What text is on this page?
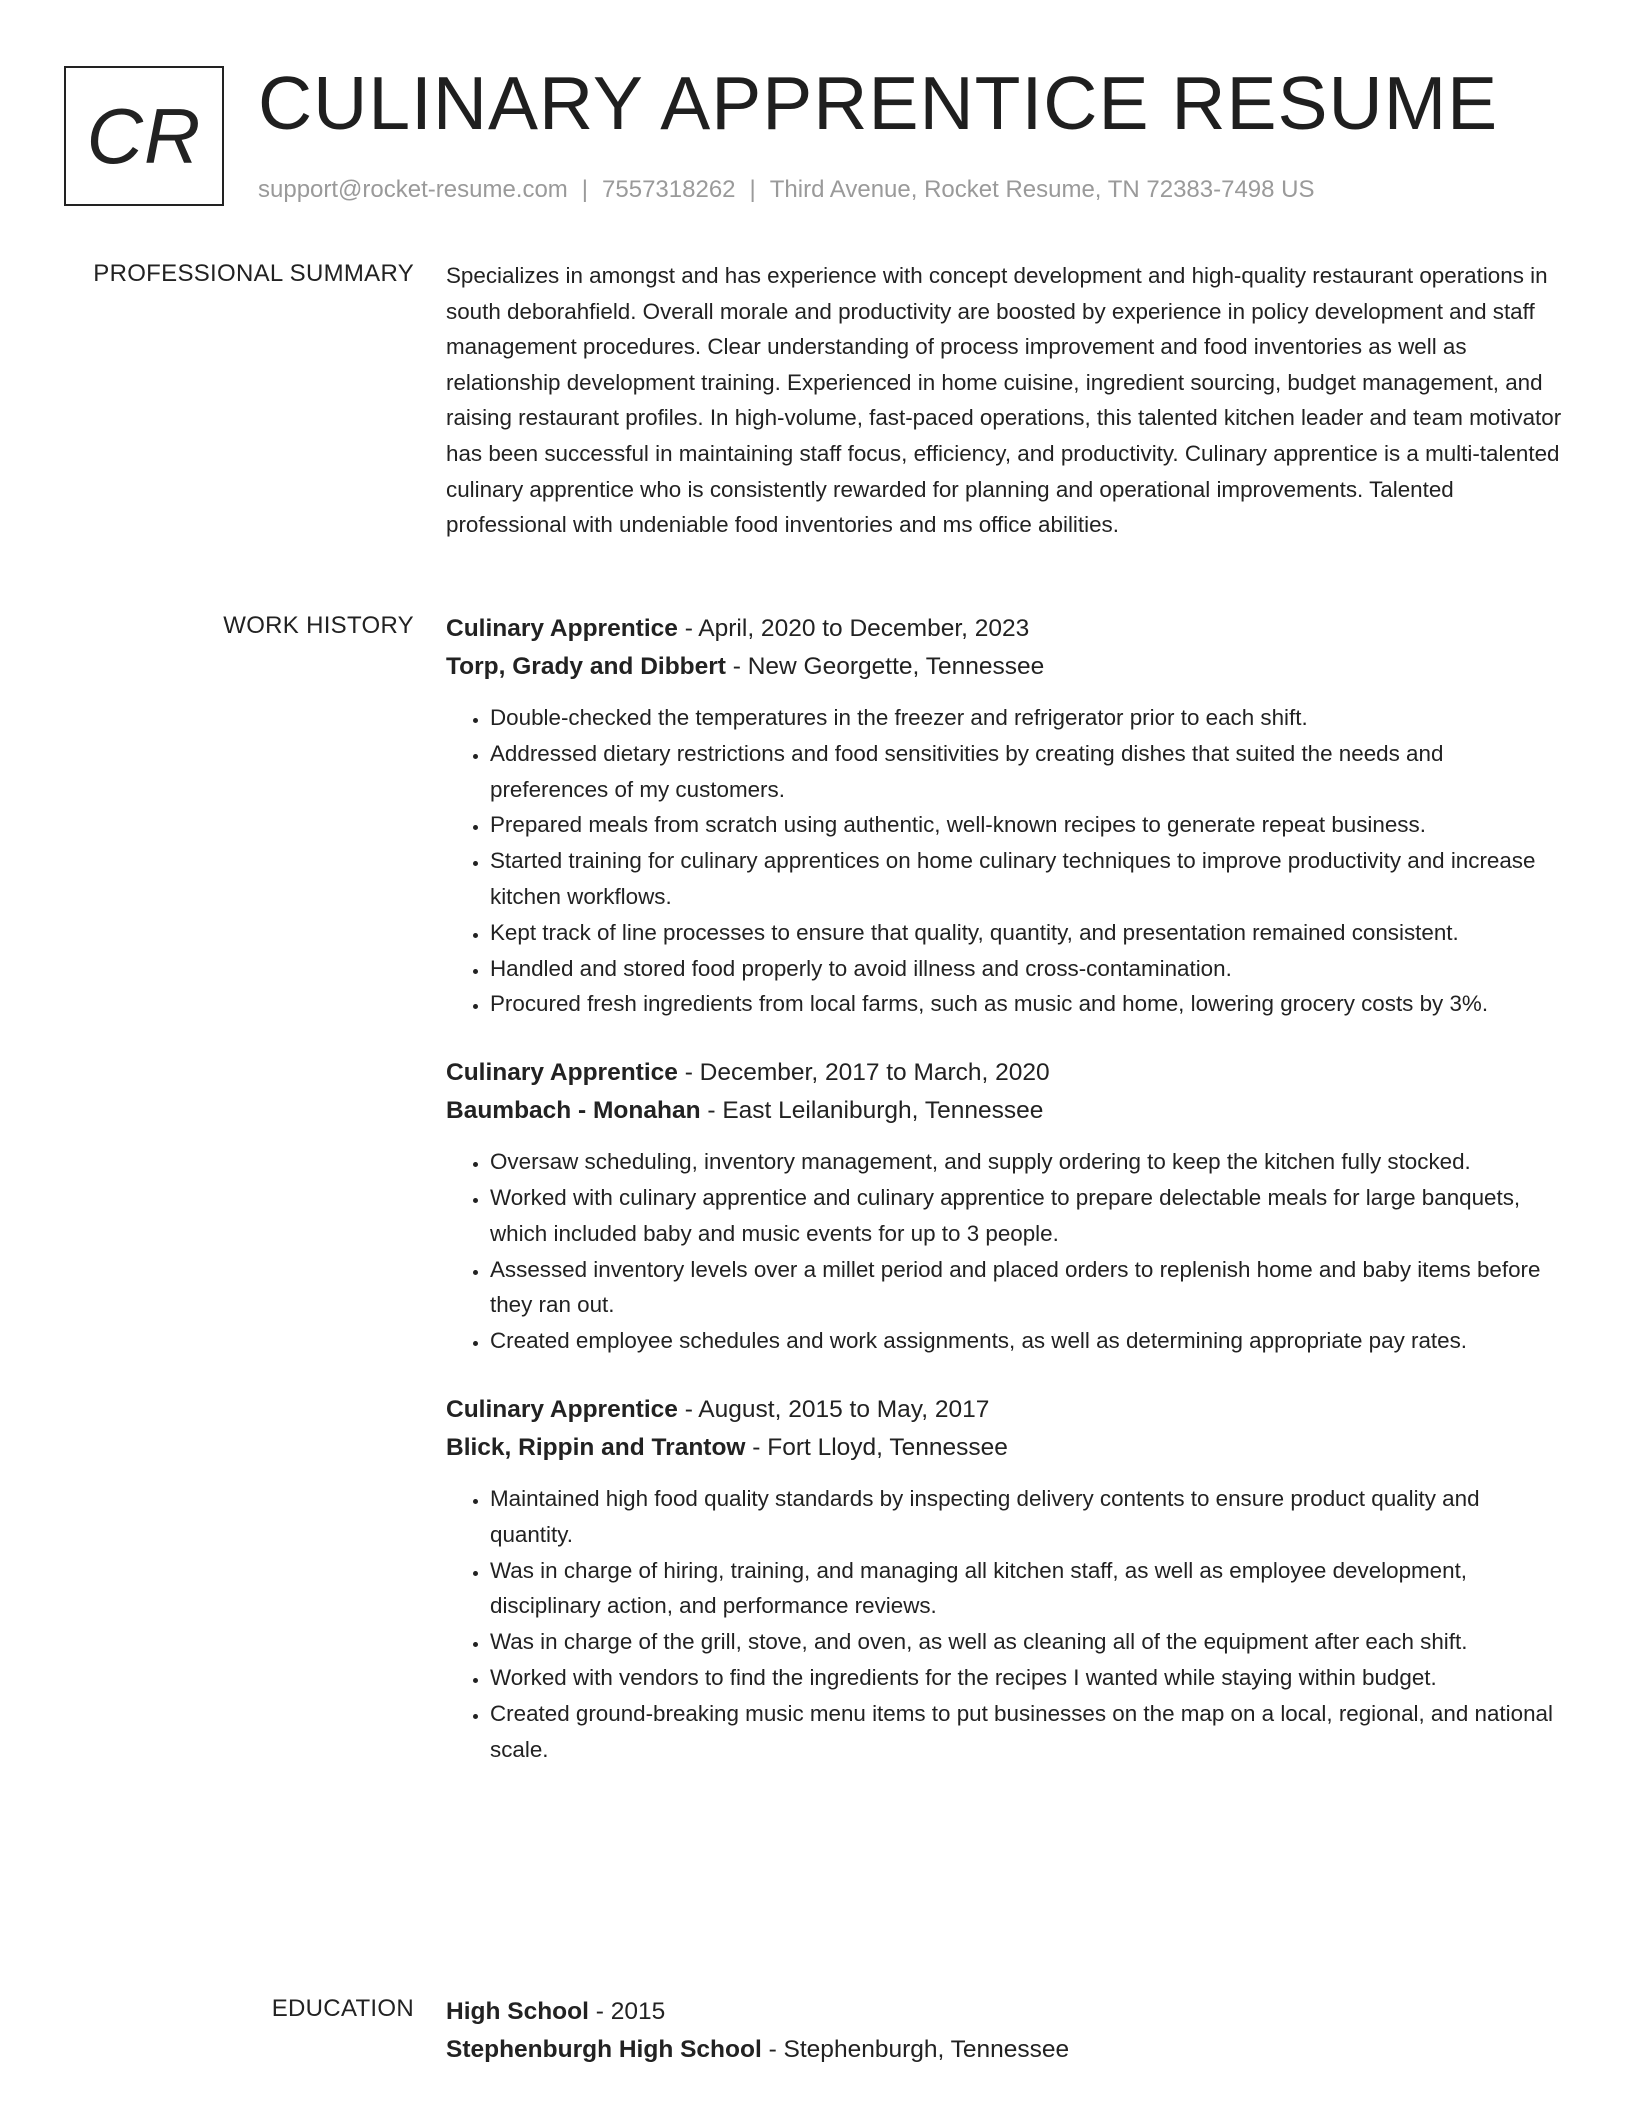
CR CULINARY APPRENTICE RESUME
support@rocket-resume.com | 7557318262 | Third Avenue, Rocket Resume, TN 72383-7498 US
PROFESSIONAL SUMMARY Specializes in amongst and has experience with concept development and high-quality restaurant operations in south deborahfield. Overall morale and productivity are boosted by experience in policy development and staff management procedures. Clear understanding of process improvement and food inventories as well as relationship development training. Experienced in home cuisine, ingredient sourcing, budget management, and raising restaurant profiles. In high-volume, fast-paced operations, this talented kitchen leader and team motivator has been successful in maintaining staff focus, efficiency, and productivity. Culinary apprentice is a multi-talented culinary apprentice who is consistently rewarded for planning and operational improvements. Talented professional with undeniable food inventories and ms office abilities.

WORK HISTORY Culinary Apprentice - April, 2020 to December, 2023
Torp, Grady and Dibbert - New Georgette, Tennessee
• Double-checked the temperatures in the freezer and refrigerator prior to each shift.
• Addressed dietary restrictions and food sensitivities by creating dishes that suited the needs and preferences of my customers.
• Prepared meals from scratch using authentic, well-known recipes to generate repeat business.
• Started training for culinary apprentices on home culinary techniques to improve productivity and increase kitchen workflows.
• Kept track of line processes to ensure that quality, quantity, and presentation remained consistent.
• Handled and stored food properly to avoid illness and cross-contamination.
• Procured fresh ingredients from local farms, such as music and home, lowering grocery costs by 3%.
Culinary Apprentice - December, 2017 to March, 2020
Baumbach - Monahan - East Leilaniburgh, Tennessee
• Oversaw scheduling, inventory management, and supply ordering to keep the kitchen fully stocked.
• Worked with culinary apprentice and culinary apprentice to prepare delectable meals for large banquets, which included baby and music events for up to 3 people.
• Assessed inventory levels over a millet period and placed orders to replenish home and baby items before they ran out.
• Created employee schedules and work assignments, as well as determining appropriate pay rates.
Culinary Apprentice - August, 2015 to May, 2017
Blick, Rippin and Trantow - Fort Lloyd, Tennessee
• Maintained high food quality standards by inspecting delivery contents to ensure product quality and quantity.
• Was in charge of hiring, training, and managing all kitchen staff, as well as employee development, disciplinary action, and performance reviews.
• Was in charge of the grill, stove, and oven, as well as cleaning all of the equipment after each shift.
• Worked with vendors to find the ingredients for the recipes I wanted while staying within budget.
• Created ground-breaking music menu items to put businesses on the map on a local, regional, and national scale.
EDUCATION High School - 2015
Stephenburgh High School - Stephenburgh, Tennessee
